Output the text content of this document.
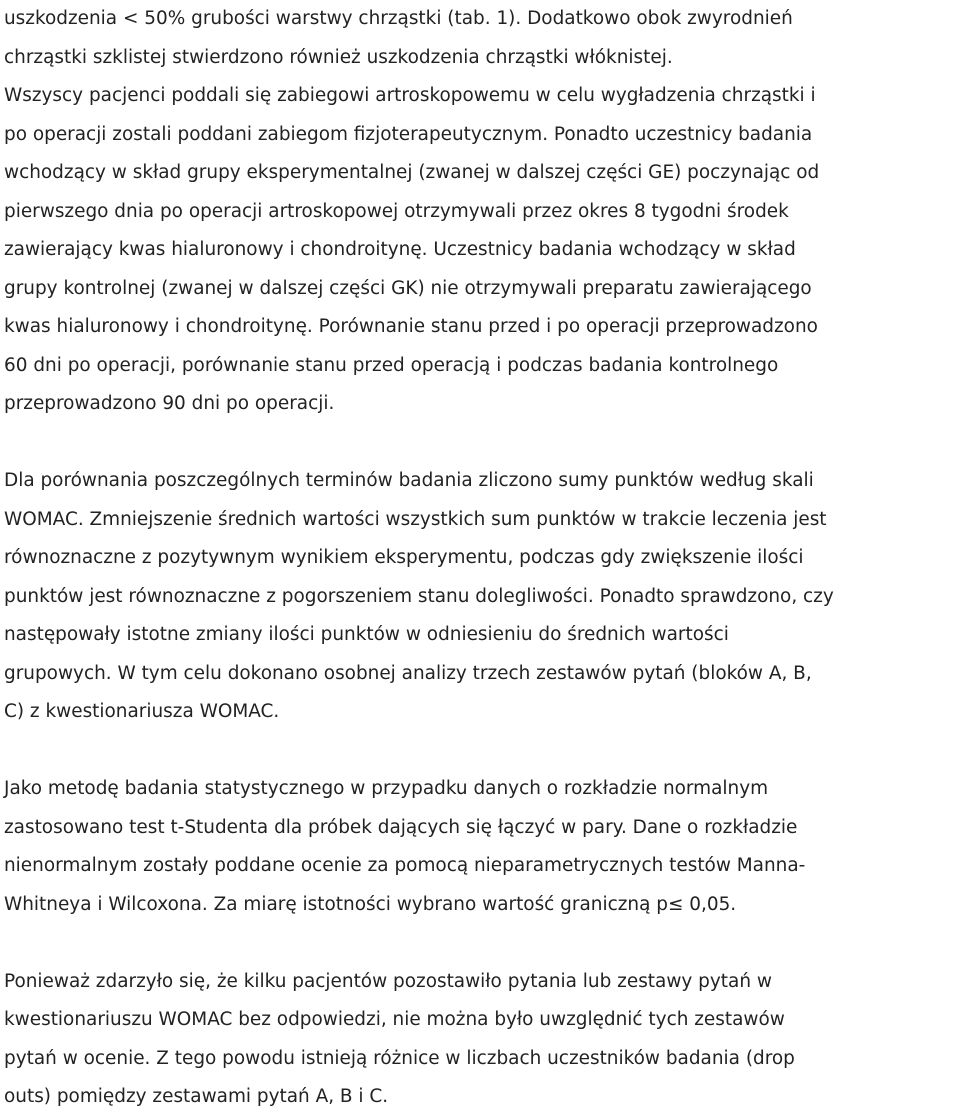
uszkodzenia < 50% grubości warstwy chrząstki (tab. 1). Dodatkowo obok zwyrodnień
chrząstki szklistej stwierdzono również uszkodzenia chrząstki włóknistej.
Wszyscy pacjenci poddali się zabiegowi artroskopowemu w celu wygładzenia chrząstki i
po operacji zostali poddani zabiegom fizjoterapeutycznym. Ponadto uczestnicy badania
wchodzący w skład grupy eksperymentalnej (zwanej w dalszej części GE) poczynając od
pierwszego dnia po operacji artroskopowej otrzymywali przez okres 8 tygodni środek
zawierający kwas hialuronowy i chondroitynę. Uczestnicy badania wchodzący w skład
grupy kontrolnej (zwanej w dalszej części GK) nie otrzymywali preparatu zawierającego
kwas hialuronowy i chondroitynę. Porównanie stanu przed i po operacji przeprowadzono
60 dni po operacji, porównanie stanu przed operacją i podczas badania kontrolnego
przeprowadzono 90 dni po operacji.
Dla porównania poszczególnych terminów badania zliczono sumy punktów według skali
WOMAC. Zmniejszenie średnich wartości wszystkich sum punktów w trakcie leczenia jest
równoznaczne z pozytywnym wynikiem eksperymentu, podczas gdy zwiększenie ilości
punktów jest równoznaczne z pogorszeniem stanu dolegliwości. Ponadto sprawdzono, czy
następowały istotne zmiany ilości punktów w odniesieniu do średnich wartości
grupowych. W tym celu dokonano osobnej analizy trzech zestawów pytań (bloków A, B,
C) z kwestionariusza WOMAC.
Jako metodę badania statystycznego w przypadku danych o rozkładzie normalnym
zastosowano test t-Studenta dla próbek dających się łączyć w pary. Dane o rozkładzie
nienormalnym zostały poddane ocenie za pomocą nieparametrycznych testów Manna-
Whitneya i Wilcoxona. Za miarę istotności wybrano wartość graniczną p≤ 0,05.
Ponieważ zdarzyło się, że kilku pacjentów pozostawiło pytania lub zestawy pytań w
kwestionariuszu WOMAC bez odpowiedzi, nie można było uwzględnić tych zestawów
pytań w ocenie. Z tego powodu istnieją różnice w liczbach uczestników badania (drop
outs) pomiędzy zestawami pytań A, B i C.
